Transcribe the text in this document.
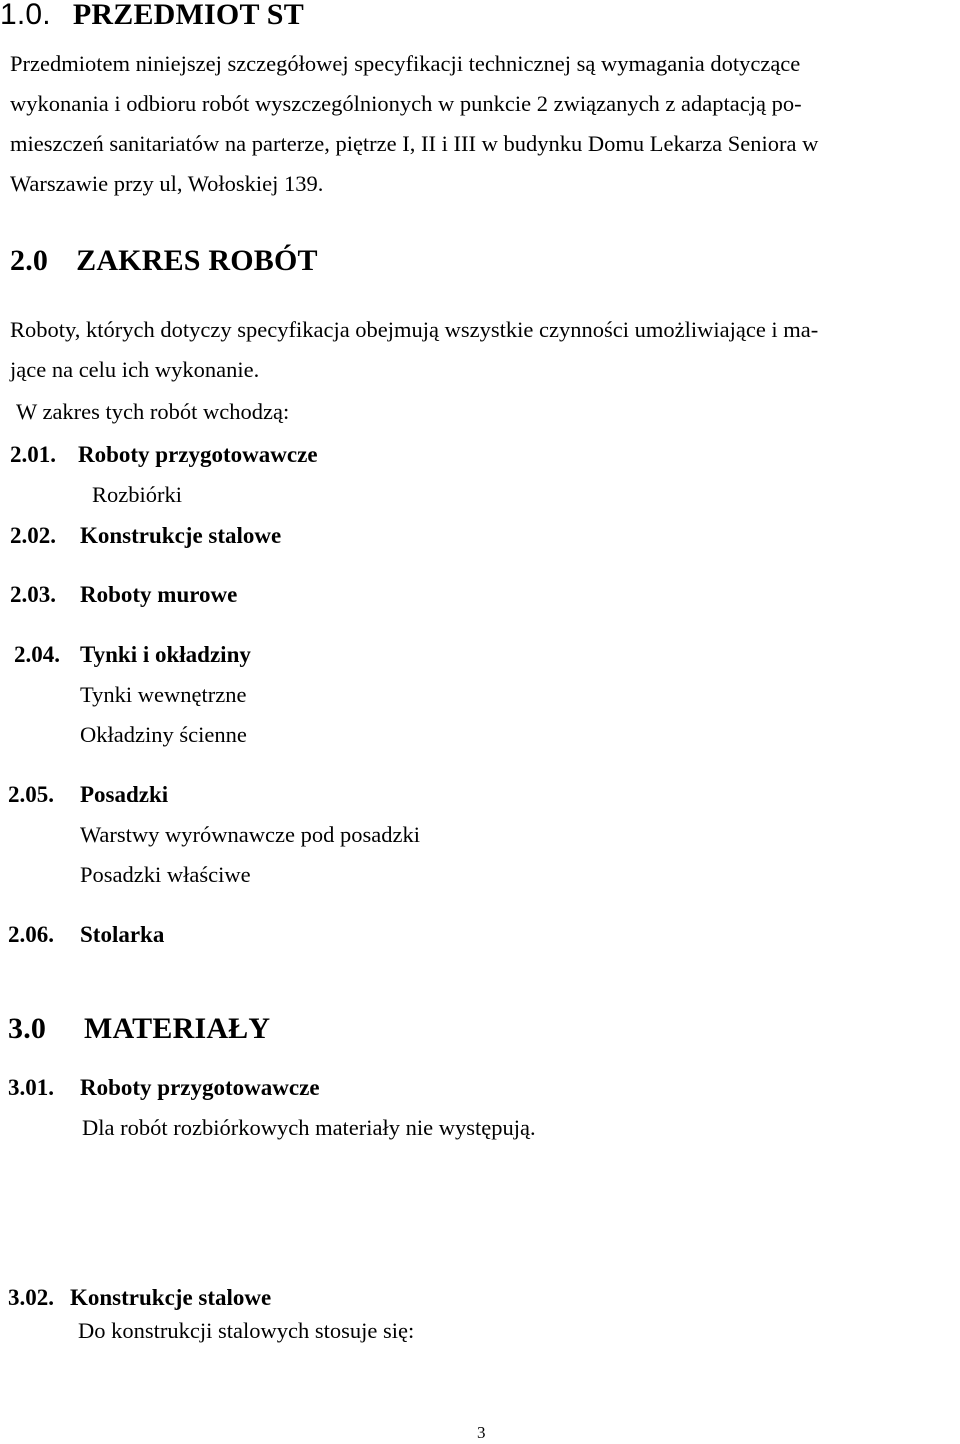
1.0. PRZEDMIOT ST
Przedmiotem niniejszej szczegółowej specyfikacji technicznej są wymagania dotyczące
wykonania i odbioru robót wyszczególnionych w punkcie 2 związanych z adaptacją po-
mieszczeń sanitariatów na parterze, piętrze I, II i III w budynku Domu Lekarza Seniora w
Warszawie przy ul, Wołoskiej 139.
2.0 ZAKRES ROBÓT
Roboty, których dotyczy specyfikacja obejmują wszystkie czynności umożliwiające i ma-
jące na celu ich wykonanie.
W zakres tych robót wchodzą:
2.01. Roboty przygotowawcze
Rozbiórki
2.02. Konstrukcje stalowe
2.03. Roboty murowe
2.04. Tynki i okładziny
Tynki wewnętrzne
Okładziny ścienne
2.05. Posadzki
Warstwy wyrównawcze pod posadzki
Posadzki właściwe
2.06. Stolarka
3.0 MATERIAŁY
3.01. Roboty przygotowawcze
Dla robót rozbiórkowych materiały nie występują.
3.02. Konstrukcje stalowe
Do konstrukcji stalowych stosuje się:
3
